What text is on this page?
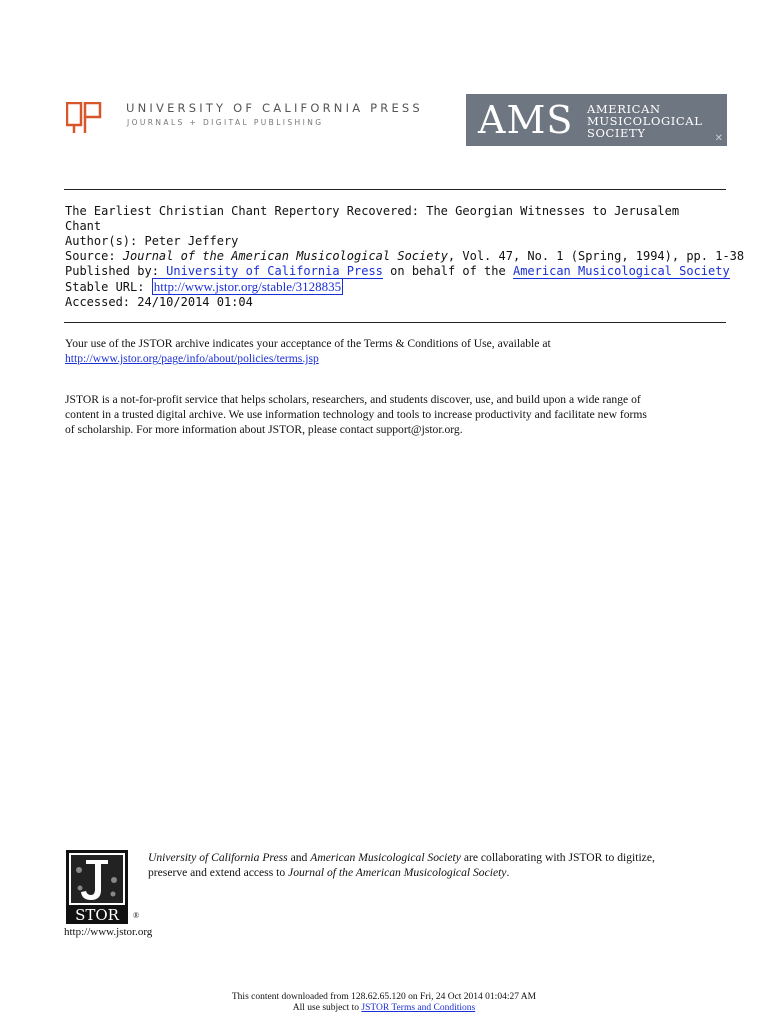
UNIVERSITY OF CALIFORNIA PRESS
JOURNALS + DIGITAL PUBLISHING	AMS AMERICAN
MUSICOLOGICAL
SOCIETY	✕
The Earliest Christian Chant Repertory Recovered: The Georgian Witnesses to Jerusalem
Chant
Author(s): Peter Jeffery
Source: Journal of the American Musicological Society, Vol. 47, No. 1 (Spring, 1994), pp. 1-38
Published by: University of California Press on behalf of the American Musicological Society
Stable URL: http://www.jstor.org/stable/3128835
Accessed: 24/10/2014 01:04
Your use of the JSTOR archive indicates your acceptance of the Terms & Conditions of Use, available at
http://www.jstor.org/page/info/about/policies/terms.jsp
JSTOR is a not-for-profit service that helps scholars, researchers, and students discover, use, and build upon a wide range of
content in a trusted digital archive. We use information technology and tools to increase productivity and facilitate new forms
of scholarship. For more information about JSTOR, please contact support@jstor.org.
STOR ®
http://www.jstor.org
University of California Press and American Musicological Society are collaborating with JSTOR to digitize,
preserve and extend access to Journal of the American Musicological Society.
This content downloaded from 128.62.65.120 on Fri, 24 Oct 2014 01:04:27 AM
All use subject to JSTOR Terms and Conditions
